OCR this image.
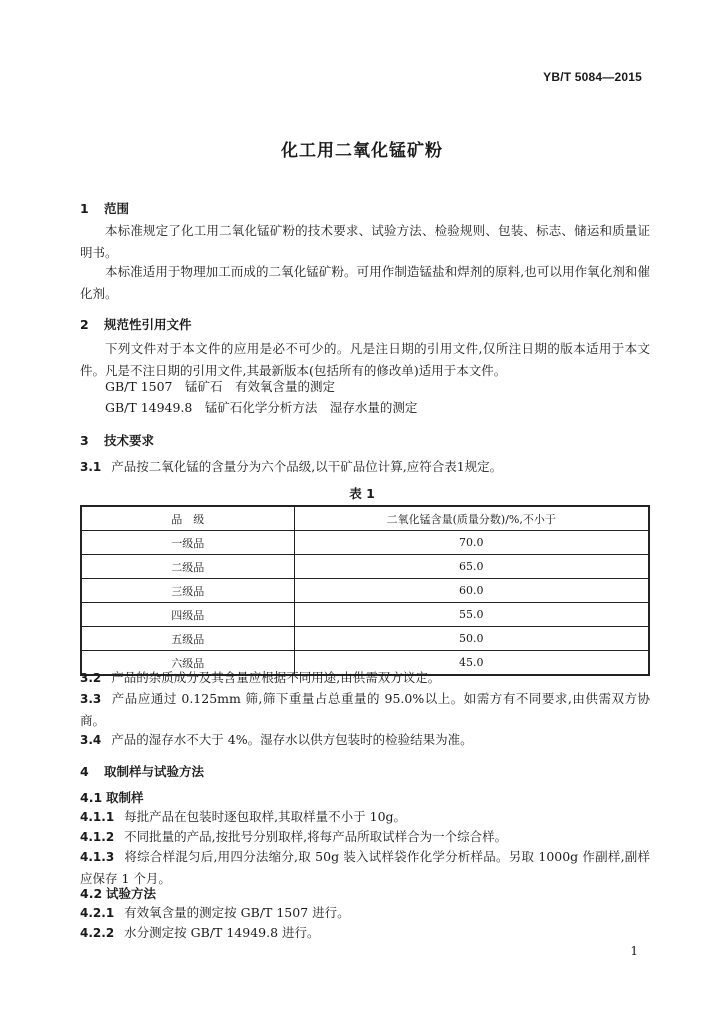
YB/T 5084—2015
化工用二氧化锰矿粉
1 范围
本标准规定了化工用二氧化锰矿粉的技术要求、试验方法、检验规则、包装、标志、储运和质量证明书。
本标准适用于物理加工而成的二氧化锰矿粉。可用作制造锰盐和焊剂的原料,也可以用作氧化剂和催化剂。
2 规范性引用文件
下列文件对于本文件的应用是必不可少的。凡是注日期的引用文件,仅所注日期的版本适用于本文件。凡是不注日期的引用文件,其最新版本(包括所有的修改单)适用于本文件。
GB/T 1507　锰矿石　有效氧含量的测定
GB/T 14949.8　锰矿石化学分析方法　湿存水量的测定
3 技术要求
3.1 产品按二氧化锰的含量分为六个品级,以干矿品位计算,应符合表1规定。
表 1
品　级	二氧化锰含量(质量分数)/%,不小于
一级品	70.0
二级品	65.0
三级品	60.0
四级品	55.0
五级品	50.0
六级品	45.0
3.2 产品的杂质成分及其含量应根据不同用途,由供需双方议定。
3.3 产品应通过 0.125mm 筛,筛下重量占总重量的 95.0%以上。如需方有不同要求,由供需双方协商。
3.4 产品的湿存水不大于 4%。湿存水以供方包装时的检验结果为准。
4 取制样与试验方法
4.1 取制样
4.1.1 每批产品在包装时逐包取样,其取样量不小于 10g。
4.1.2 不同批量的产品,按批号分别取样,将每产品所取试样合为一个综合样。
4.1.3 将综合样混匀后,用四分法缩分,取 50g 装入试样袋作化学分析样品。另取 1000g 作副样,副样应保存 1 个月。
4.2 试验方法
4.2.1 有效氧含量的测定按 GB/T 1507 进行。
4.2.2 水分测定按 GB/T 14949.8 进行。
1
